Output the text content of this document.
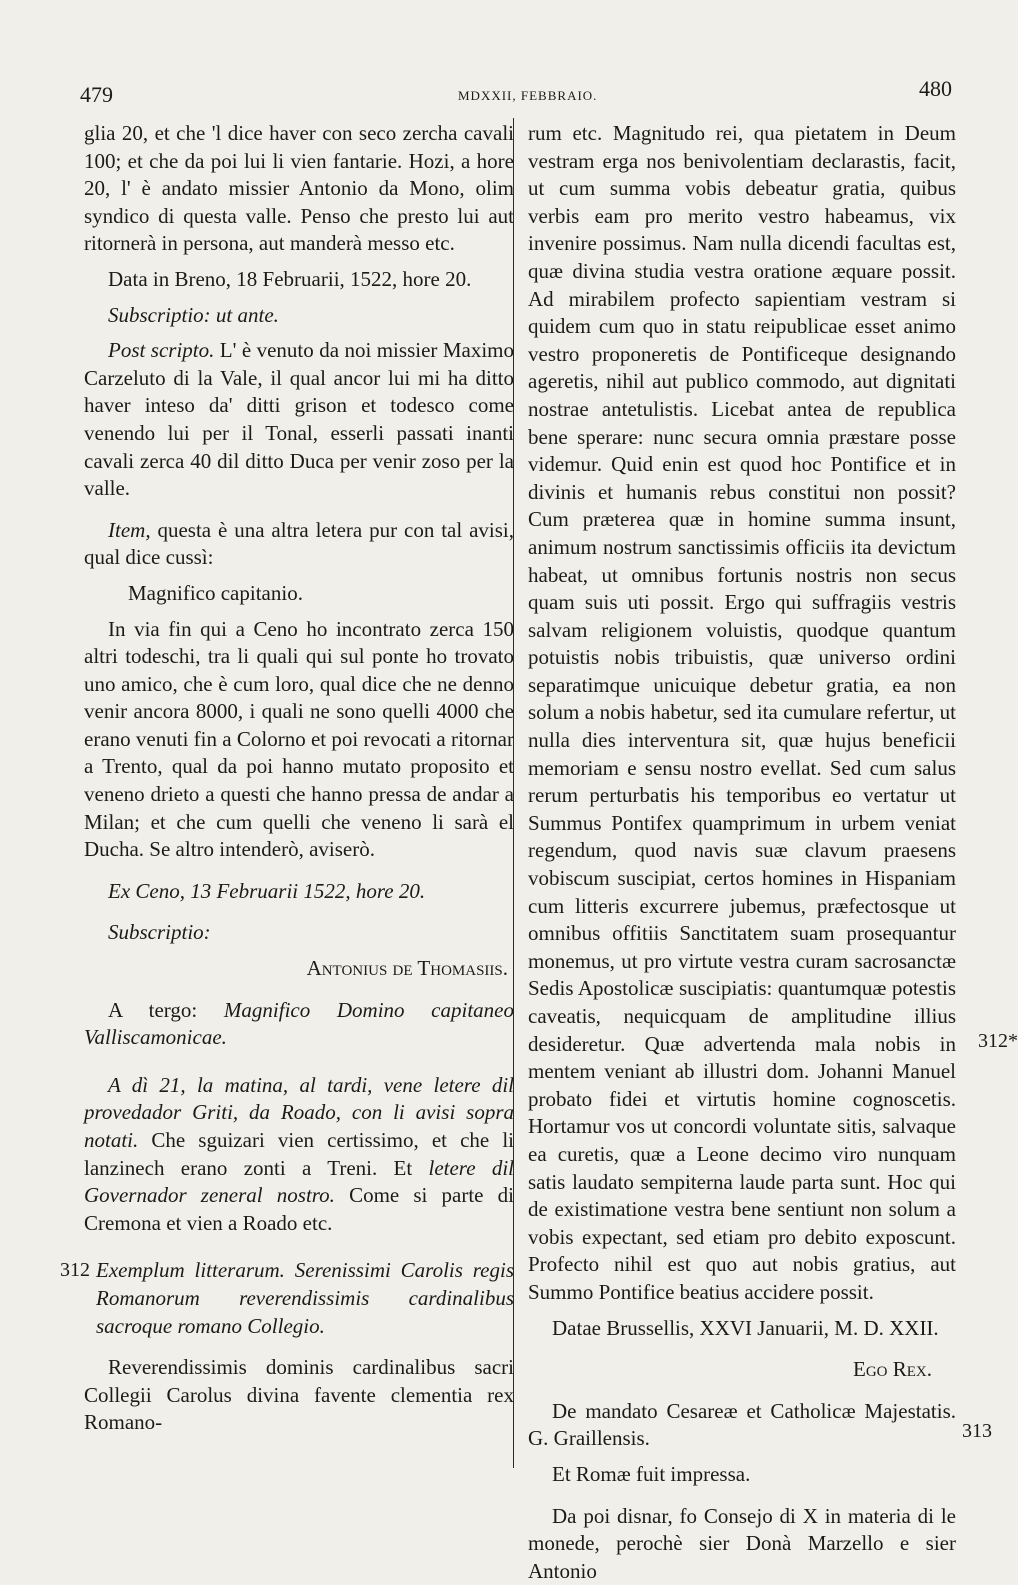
479	MDXXII, FEBBRAIO.	480

glia 20, et che 'l dice haver con seco zercha cavali 100; et che da poi lui li vien fantarie. Hozi, a hore 20, l' è andato missier Antonio da Mono, olim syndico di questa valle. Penso che presto lui aut ritornerà in persona, aut manderà messo etc.

Data in Breno, 18 Februarii, 1522, hore 20.

Subscriptio: ut ante.

Post scripto. L' è venuto da noi missier Maximo Carzeluto di la Vale, il qual ancor lui mi ha ditto haver inteso da' ditti grison et todesco come venendo lui per il Tonal, esserli passati inanti cavali zerca 40 dil ditto Duca per venir zoso per la valle.

Item, questa è una altra letera pur con tal avisi, qual dice cussì:

Magnifico capitanio.

In via fin qui a Ceno ho incontrato zerca 150 altri todeschi, tra li quali qui sul ponte ho trovato uno amico, che è cum loro, qual dice che ne denno venir ancora 8000, i quali ne sono quelli 4000 che erano venuti fin a Colorno et poi revocati a ritornar a Trento, qual da poi hanno mutato proposito et veneno drieto a questi che hanno pressa de andar a Milan; et che cum quelli che veneno li sarà el Ducha. Se altro intenderò, aviserò.

Ex Ceno, 13 Februarii 1522, hore 20.

Subscriptio:

Antonius de Thomasiis.

A tergo: Magnifico Domino capitaneo Valliscamonicae.

A dì 21, la matina, al tardi, vene letere dil provedador Griti, da Roado, con li avisi sopra notati. Che sguizari vien certissimo, et che li lanzinech erano zonti a Treni. Et letere dil Governador zeneral nostro. Come si parte di Cremona et vien a Roado etc.

312 Exemplum litterarum. Serenissimi Carolis regis Romanorum reverendissimis cardinalibus sacroque romano Collegio.

Reverendissimis dominis cardinalibus sacri Collegii Carolus divina favente clementia rex Romano-

rum etc. Magnitudo rei, qua pietatem in Deum vestram erga nos benivolentiam declarastis, facit, ut cum summa vobis debeatur gratia, quibus verbis eam pro merito vestro habeamus, vix invenire possimus. Nam nulla dicendi facultas est, quæ divina studia vestra oratione æquare possit. Ad mirabilem profecto sapientiam vestram si quidem cum quo in statu reipublicae esset animo vestro proponeretis de Pontificeque designando ageretis, nihil aut publico commodo, aut dignitati nostrae antetulistis. Licebat antea de republica bene sperare: nunc secura omnia præstare posse videmur. Quid enin est quod hoc Pontifice et in divinis et humanis rebus constitui non possit? Cum præterea quæ in homine summa insunt, animum nostrum sanctissimis officiis ita devictum habeat, ut omnibus fortunis nostris non secus quam suis uti possit. Ergo qui suffragiis vestris salvam religionem voluistis, quodque quantum potuistis nobis tribuistis, quæ universo ordini separatimque unicuique debetur gratia, ea non solum a nobis habetur, sed ita cumulare refertur, ut nulla dies interventura sit, quæ hujus beneficii memoriam e sensu nostro evellat. Sed cum salus rerum perturbatis his temporibus eo vertatur ut Summus Pontifex quamprimum in urbem veniat regendum, quod navis suæ clavum praesens vobiscum suscipiat, certos homines in Hispaniam cum litteris excurrere jubemus, præfectosque ut omnibus offitiis Sanctitatem suam prosequantur monemus, ut pro virtute vestra curam sacrosanctæ Sedis Apostolicæ suscipiatis: quantumquæ potestis caveatis, nequicquam de amplitudine illius desideretur. Quæ advertenda mala nobis in mentem veniant ab illustri dom. Johanni Manuel probato fidei et virtutis homine cognoscetis. Hortamur vos ut concordi voluntate sitis, salvaque ea curetis, quæ a Leone decimo viro nunquam satis laudato sempiterna laude parta sunt. Hoc qui de existimatione vestra bene sentiunt non solum a vobis expectant, sed etiam pro debito exposcunt. Profecto nihil est quo aut nobis gratius, aut Summo Pontifice beatius accidere possit.

Datae Brussellis, XXVI Januarii, M. D. XXII.

Ego Rex.

De mandato Cesareæ et Catholicæ Majestatis. G. Graillensis.

Et Romæ fuit impressa.

Da poi disnar, fo Consejo di X in materia di le monede, perochè sier Donà Marzello e sier Antonio

312*
313
